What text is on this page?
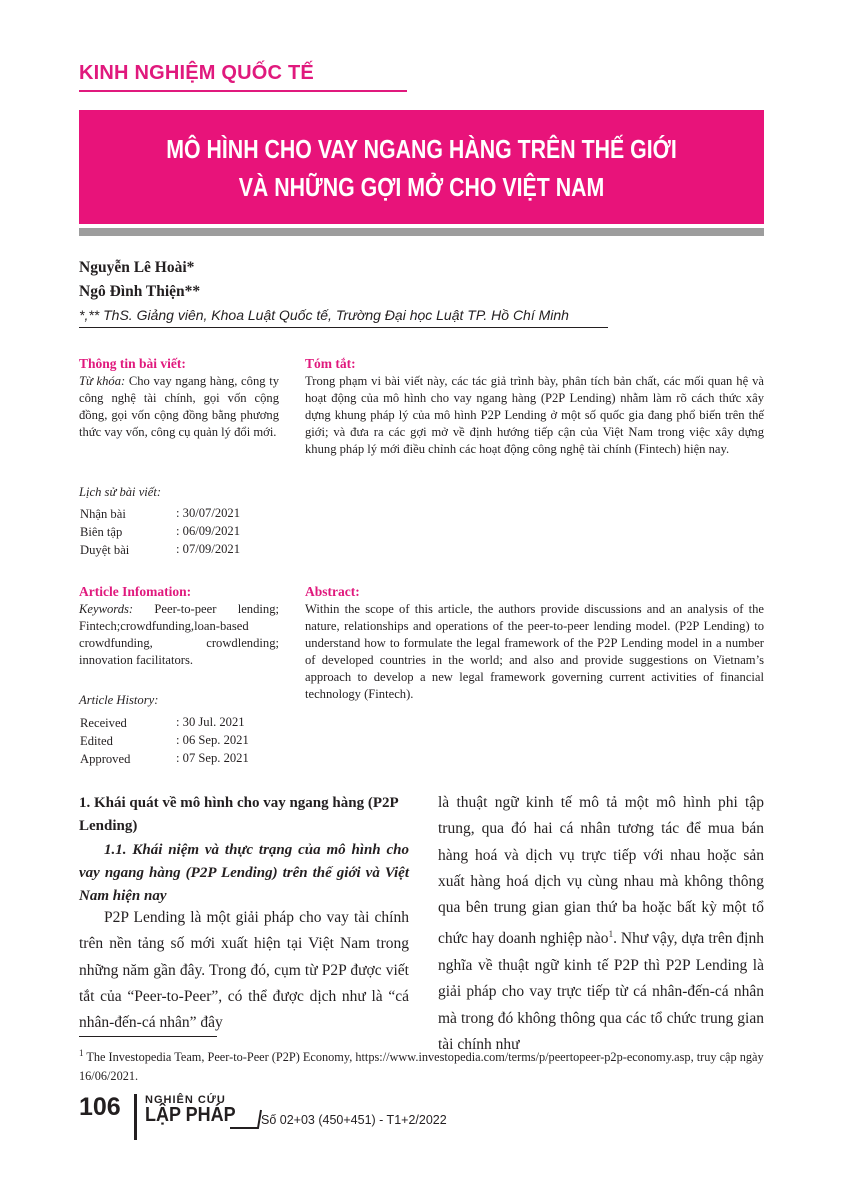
KINH NGHIỆM QUỐC TẾ
MÔ HÌNH CHO VAY NGANG HÀNG TRÊN THẾ GIỚI
VÀ NHỮNG GỢI MỞ CHO VIỆT NAM
Nguyễn Lê Hoài*
Ngô Đình Thiện**
*,** ThS. Giảng viên, Khoa Luật Quốc tế, Trường Đại học Luật TP. Hồ Chí Minh
Thông tin bài viết:
Từ khóa: Cho vay ngang hàng, công ty công nghệ tài chính, gọi vốn cộng đồng, gọi vốn cộng đồng bằng phương thức vay vốn, công cụ quản lý đổi mới.
Lịch sử bài viết:
Nhận bài	: 30/07/2021
Biên tập	: 06/09/2021
Duyệt bài	: 07/09/2021
Tóm tắt:
Trong phạm vi bài viết này, các tác giả trình bày, phân tích bản chất, các mối quan hệ và hoạt động của mô hình cho vay ngang hàng (P2P Lending) nhằm làm rõ cách thức xây dựng khung pháp lý của mô hình P2P Lending ở một số quốc gia đang phổ biến trên thế giới; và đưa ra các gợi mở về định hướng tiếp cận của Việt Nam trong việc xây dựng khung pháp lý mới điều chỉnh các hoạt động công nghệ tài chính (Fintech) hiện nay.
Article Infomation:
Keywords: Peer-to-peer lending; Fintech;crowdfunding,loan-based crowdfunding, crowdlending; innovation facilitators.
Article History:
Received	: 30 Jul. 2021
Edited	: 06 Sep. 2021
Approved	: 07 Sep. 2021
Abstract:
Within the scope of this article, the authors provide discussions and an analysis of the nature, relationships and operations of the peer-to-peer lending model. (P2P Lending) to understand how to formulate the legal framework of the P2P Lending model in a number of developed countries in the world; and also and provide suggestions on Vietnam’s approach to develop a new legal framework governing current activities of financial technology (Fintech).
1. Khái quát về mô hình cho vay ngang hàng (P2P Lending)
1.1. Khái niệm và thực trạng của mô hình cho vay ngang hàng (P2P Lending) trên thế giới và Việt Nam hiện nay
P2P Lending là một giải pháp cho vay tài chính trên nền tảng số mới xuất hiện tại Việt Nam trong những năm gần đây. Trong đó, cụm từ P2P được viết tắt của “Peer-to-Peer”, có thể được dịch như là “cá nhân-đến-cá nhân” đây
là thuật ngữ kinh tế mô tả một mô hình phi tập trung, qua đó hai cá nhân tương tác để mua bán hàng hoá và dịch vụ trực tiếp với nhau hoặc sản xuất hàng hoá dịch vụ cùng nhau mà không thông qua bên trung gian gian thứ ba hoặc bất kỳ một tổ chức hay doanh nghiệp nào$^1$. Như vậy, dựa trên định nghĩa về thuật ngữ kinh tế P2P thì P2P Lending là giải pháp cho vay trực tiếp từ cá nhân-đến-cá nhân mà trong đó không thông qua các tổ chức trung gian tài chính như
$^1$ The Investopedia Team, Peer-to-Peer (P2P) Economy, https://www.investopedia.com/terms/p/peertopeer-p2p-economy.asp, truy cập ngày 16/06/2021.
106 NGHIÊN CỨU
LẬP PHÁP Số 02+03 (450+451) - T1+2/2022
